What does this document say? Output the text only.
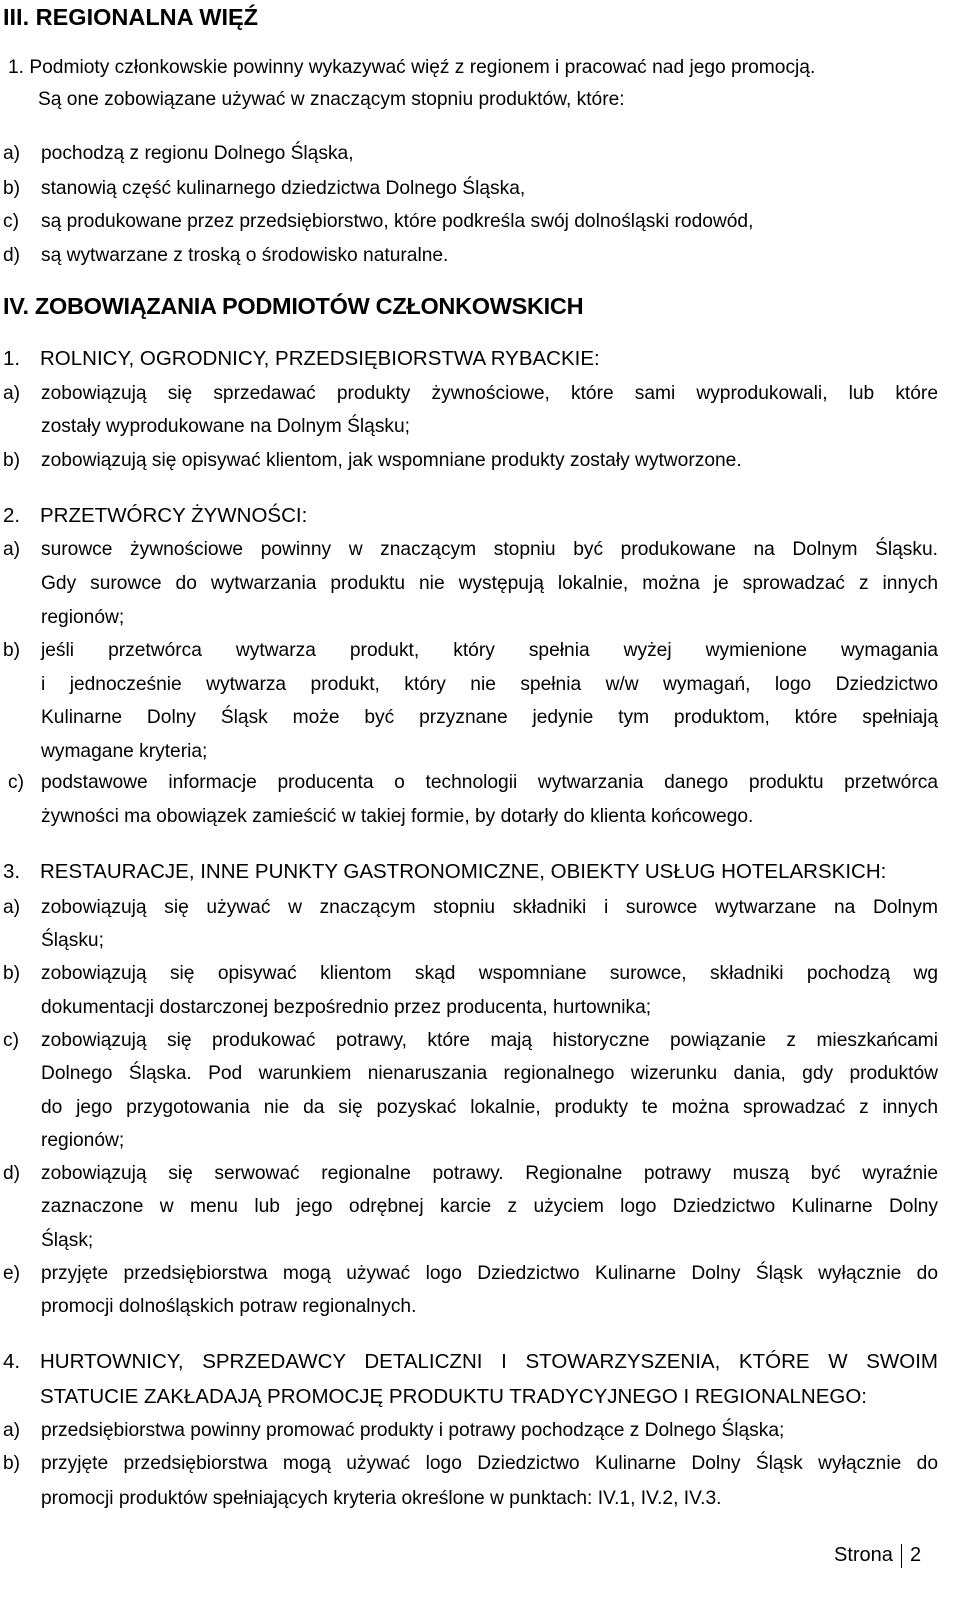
III. REGIONALNA WIĘŹ
1. Podmioty członkowskie powinny wykazywać więź z regionem i pracować nad jego promocją.
Są one zobowiązane używać w znaczącym stopniu produktów, które:
a) pochodzą z regionu Dolnego Śląska,
b) stanowią część kulinarnego dziedzictwa Dolnego Śląska,
c) są produkowane przez przedsiębiorstwo, które podkreśla swój dolnośląski rodowód,
d) są wytwarzane z troską o środowisko naturalne.
IV. ZOBOWIĄZANIA PODMIOTÓW CZŁONKOWSKICH
1. ROLNICY, OGRODNICY, PRZEDSIĘBIORSTWA RYBACKIE:
a) zobowiązują się sprzedawać produkty żywnościowe, które sami wyprodukowali, lub które
zostały wyprodukowane na Dolnym Śląsku;
b) zobowiązują się opisywać klientom, jak wspomniane produkty zostały wytworzone.
2. PRZETWÓRCY ŻYWNOŚCI:
a) surowce żywnościowe powinny w znaczącym stopniu być produkowane na Dolnym Śląsku.
Gdy surowce do wytwarzania produktu nie występują lokalnie, można je sprowadzać z innych
regionów;
b) jeśli przetwórca wytwarza produkt, który spełnia wyżej wymienione wymagania
i jednocześnie wytwarza produkt, który nie spełnia w/w wymagań, logo Dziedzictwo
Kulinarne Dolny Śląsk może być przyznane jedynie tym produktom, które spełniają
wymagane kryteria;
c) podstawowe informacje producenta o technologii wytwarzania danego produktu przetwórca
żywności ma obowiązek zamieścić w takiej formie, by dotarły do klienta końcowego.
3. RESTAURACJE, INNE PUNKTY GASTRONOMICZNE, OBIEKTY USŁUG HOTELARSKICH:
a) zobowiązują się używać w znaczącym stopniu składniki i surowce wytwarzane na Dolnym
Śląsku;
b) zobowiązują się opisywać klientom skąd wspomniane surowce, składniki pochodzą wg
dokumentacji dostarczonej bezpośrednio przez producenta, hurtownika;
c) zobowiązują się produkować potrawy, które mają historyczne powiązanie z mieszkańcami
Dolnego Śląska. Pod warunkiem nienaruszania regionalnego wizerunku dania, gdy produktów
do jego przygotowania nie da się pozyskać lokalnie, produkty te można sprowadzać z innych
regionów;
d) zobowiązują się serwować regionalne potrawy. Regionalne potrawy muszą być wyraźnie
zaznaczone w menu lub jego odrębnej karcie z użyciem logo Dziedzictwo Kulinarne Dolny
Śląsk;
e) przyjęte przedsiębiorstwa mogą używać logo Dziedzictwo Kulinarne Dolny Śląsk wyłącznie do
promocji dolnośląskich potraw regionalnych.
4. HURTOWNICY, SPRZEDAWCY DETALICZNI I STOWARZYSZENIA, KTÓRE W SWOIM
STATUCIE ZAKŁADAJĄ PROMOCJĘ PRODUKTU TRADYCYJNEGO I REGIONALNEGO:
a) przedsiębiorstwa powinny promować produkty i potrawy pochodzące z Dolnego Śląska;
b) przyjęte przedsiębiorstwa mogą używać logo Dziedzictwo Kulinarne Dolny Śląsk wyłącznie do
promocji produktów spełniających kryteria określone w punktach: IV.1, IV.2, IV.3.
Strona 2
